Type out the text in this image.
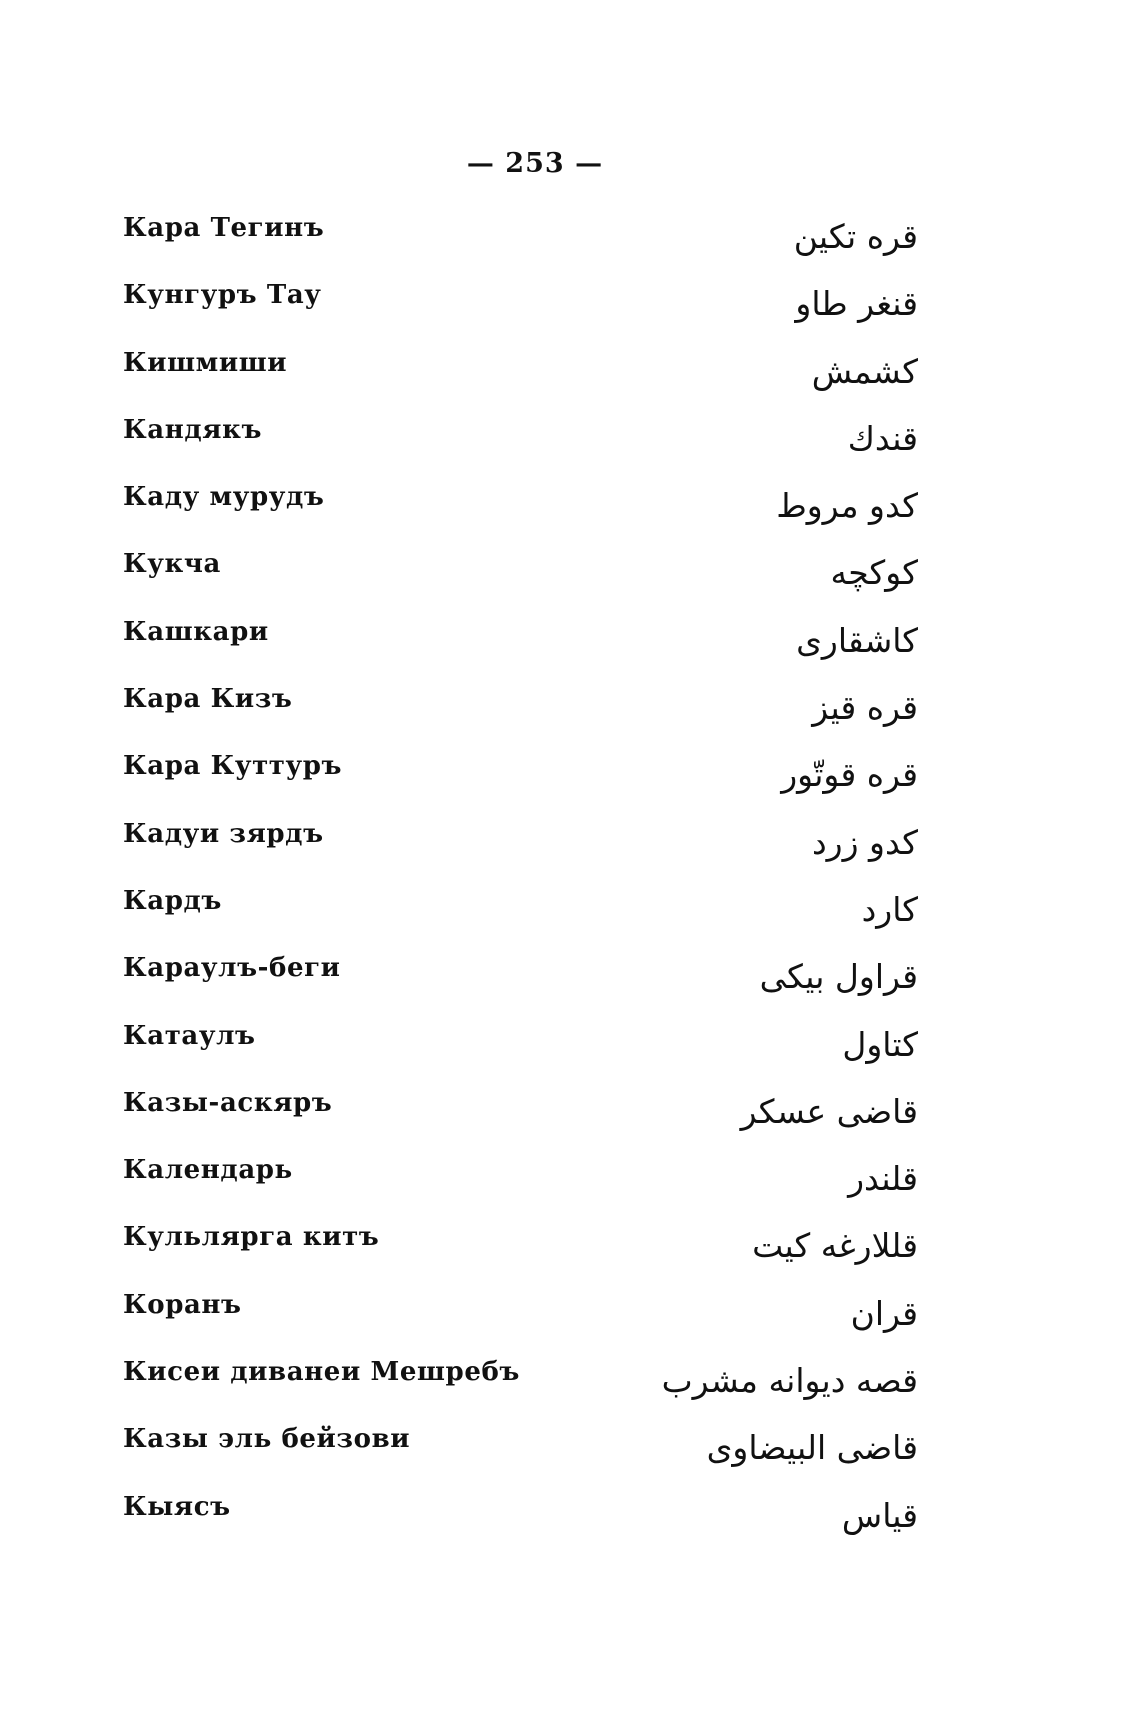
— 253 —
Кара Тегинъ	قره تكين
Кунгуръ Тау	قنغر طاو
Кишмиши	كشمش
Кандякъ	قندك
Каду мурудъ	كدو مروط
Кукча	كوكچه
Кашкари	كاشقارى
Кара Кизъ	قره قيز
Кара Куттуръ	قره قوتّور
Кадуи зярдъ	كدو زرد
Кардъ	كارد
Караулъ-беги	قراول بيكى
Катаулъ	كتاول
Казы-аскяръ	قاضى عسكر
Календарь	قلندر
Кульлярга китъ	قللارغه كيت
Коранъ	قران
Кисеи диванеи Мешребъ	قصه ديوانه مشرب
Казы эль бейзови	قاضى البيضاوى
Кыясъ	قياس
